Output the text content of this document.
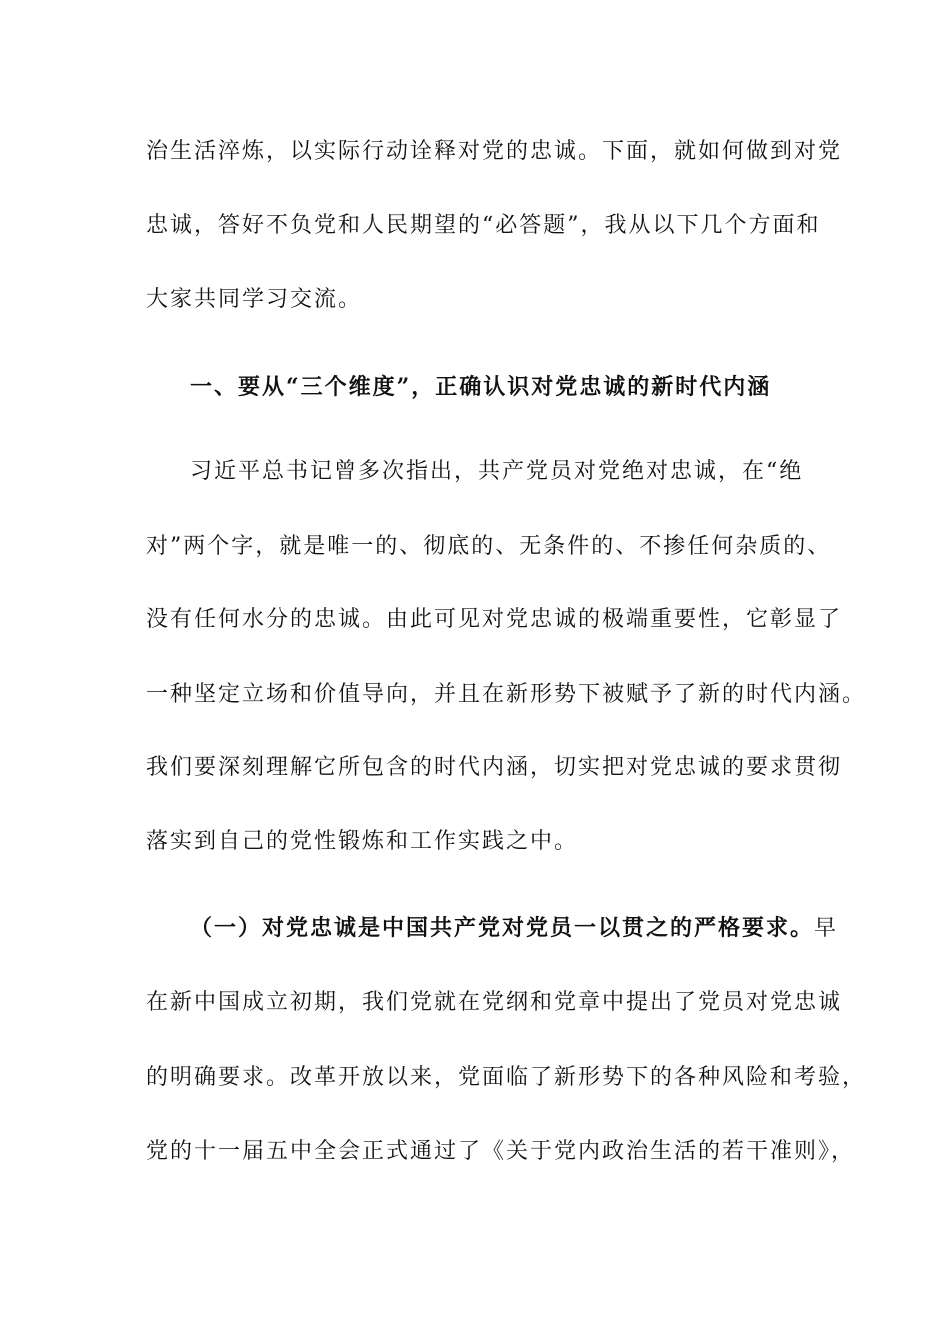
治生活淬炼，以实际行动诠释对党的忠诚。下面，就如何做到对党
忠诚，答好不负党和人民期望的“必答题”，我从以下几个方面和
大家共同学习交流。
一、要从“三个维度”，正确认识对党忠诚的新时代内涵
习近平总书记曾多次指出，共产党员对党绝对忠诚，在“绝
对”两个字，就是唯一的、彻底的、无条件的、不掺任何杂质的、
没有任何水分的忠诚。由此可见对党忠诚的极端重要性，它彰显了
一种坚定立场和价值导向，并且在新形势下被赋予了新的时代内涵。
我们要深刻理解它所包含的时代内涵，切实把对党忠诚的要求贯彻
落实到自己的党性锻炼和工作实践之中。
（一）对党忠诚是中国共产党对党员一以贯之的严格要求。早
在新中国成立初期，我们党就在党纲和党章中提出了党员对党忠诚
的明确要求。改革开放以来，党面临了新形势下的各种风险和考验，
党的十一届五中全会正式通过了《关于党内政治生活的若干准则》，
